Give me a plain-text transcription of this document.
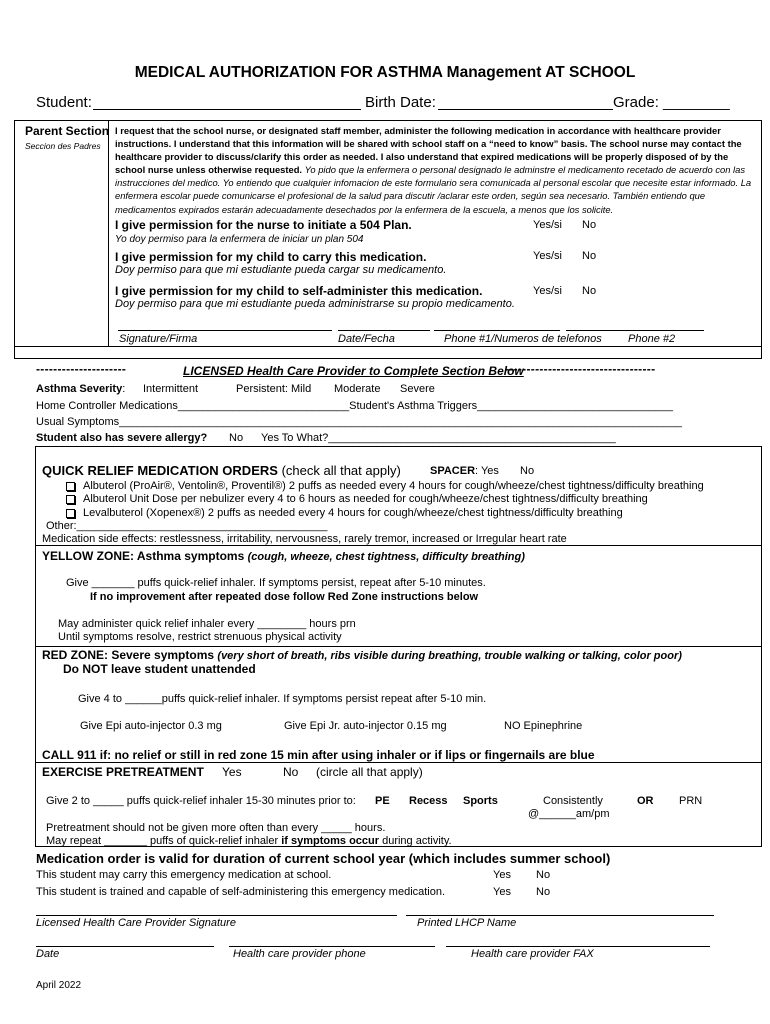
MEDICAL AUTHORIZATION FOR ASTHMA Management AT SCHOOL
Student:	Birth Date:	Grade: ________
Parent Section
Seccion des Padres
I request that the school nurse, or designated staff member, administer the following medication in accordance with healthcare provider instructions. I understand that this information will be shared with school staff on a “need to know” basis. The school nurse may contact the healthcare provider to discuss/clarify this order as needed. I also understand that expired medications will be properly disposed of by the school nurse unless otherwise requested. Yo pido que la enfermera o personal designado le adminstre el medicamento recetado de acuerdo con las instrucciones del medico. Yo entiendo que cualquier infomacion de este formulario sera comunicada al personal escolar que necesite estar informado. La enfermera escolar puede comunicarse el profesional de la salud para discutir /aclarar este orden, según sea necesario. También entiendo que medicamentos expirados estarán adecuadamente desechados por la enfermera de la escuela, a menos que los solicite.
I give permission for the nurse to initiate a 504 Plan.	Yes/si No
Yo doy permiso para la enfermera de iniciar un plan 504
I give permission for my child to carry this medication.	Yes/si No
Doy permiso para que mi estudiante pueda cargar su medicamento.
I give permission for my child to self-administer this medication.	Yes/si No
Doy permiso para que mi estudiante pueda administrarse su propio medicamento.
Signature/Firma	Date/Fecha	Phone #1/Numeros de telefonos Phone #2
---------------------	LICENSED Health Care Provider to Complete Section Below
-----------------------------------
Asthma Severity: Intermittent	Persistent: Mild Moderate Severe
Home Controller Medications____________________________Student's Asthma Triggers________________________________
Usual Symptoms____________________________________________________________________________________________
Student also has severe allergy? No Yes To What?_______________________________________________
QUICK RELIEF MEDICATION ORDERS (check all that apply)	SPACER: Yes No
Albuterol (ProAir®, Ventolin®, Proventil®) 2 puffs as needed every 4 hours for cough/wheeze/chest tightness/difficulty breathing
Albuterol Unit Dose per nebulizer every 4 to 6 hours as needed for cough/wheeze/chest tightness/difficulty breathing
Levalbuterol (Xopenex®) 2 puffs as needed every 4 hours for cough/wheeze/chest tightness/difficulty breathing
Other:_________________________________________
Medication side effects: restlessness, irritability, nervousness, rarely tremor, increased or Irregular heart rate
YELLOW ZONE: Asthma symptoms (cough, wheeze, chest tightness, difficulty breathing)
Give _______ puffs quick-relief inhaler. If symptoms persist, repeat after 5-10 minutes.
If no improvement after repeated dose follow Red Zone instructions below
May administer quick relief inhaler every ________ hours prn
Until symptoms resolve, restrict strenuous physical activity
RED ZONE: Severe symptoms (very short of breath, ribs visible during breathing, trouble walking or talking, color poor)
Do NOT leave student unattended
Give 4 to ______puffs quick-relief inhaler. If symptoms persist repeat after 5-10 min.
Give Epi auto-injector 0.3 mg	Give Epi Jr. auto-injector 0.15 mg	NO Epinephrine
CALL 911 if: no relief or still in red zone 15 min after using inhaler or if lips or fingernails are blue
EXERCISE PRETREATMENT Yes	No (circle all that apply)
Give 2 to _____ puffs quick-relief inhaler 15-30 minutes prior to: PE Recess Sports	Consistently
@______am/pm
OR PRN
Pretreatment should not be given more often than every _____ hours.
May repeat _______ puffs of quick-relief inhaler if symptoms occur during activity.
Medication order is valid for duration of current school year (which includes summer school)
This student may carry this emergency medication at school.	Yes No
This student is trained and capable of self-administering this emergency medication.	Yes No
Licensed Health Care Provider Signature	Printed LHCP Name
Date	Health care provider phone	Health care provider FAX
April 2022
